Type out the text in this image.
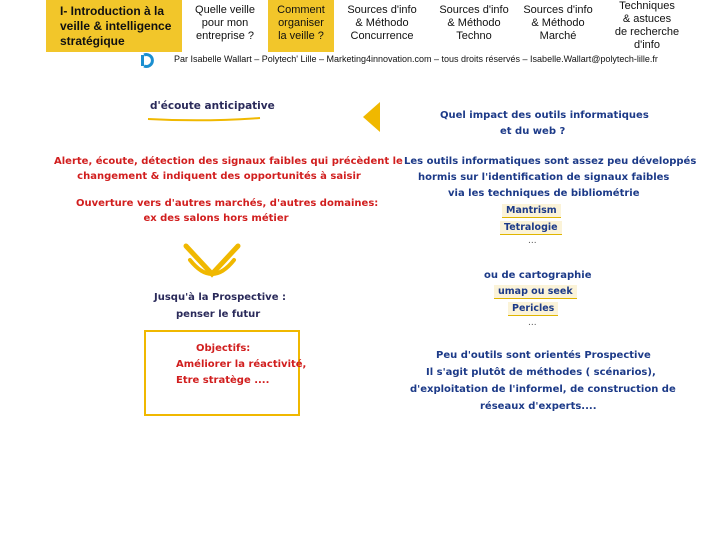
I- Introduction à la
veille & intelligence
stratégique
Quelle veille
pour mon
entreprise ?
Comment
organiser
la veille ?
Sources d'info
& Méthodo
Concurrence
Sources d'info
& Méthodo
Techno
Sources d'info
& Méthodo
Marché
Techniques
& astuces
de recherche
d'info
Par Isabelle Wallart – Polytech' Lille – Marketing4innovation.com – tous droits réservés – Isabelle.Wallart@polytech-lille.fr
d'écoute anticipative
Alerte, écoute, détection des signaux faibles qui précèdent le
changement & indiquent des opportunités à saisir
Ouverture vers d'autres marchés, d'autres domaines:
ex des salons hors métier
Jusqu'à la Prospective :
penser le futur
Objectifs:
Améliorer la réactivité,
Etre stratège ....
Quel impact des outils informatiques
et du web ?
Les outils informatiques sont assez peu développés
hormis sur l'identification de signaux faibles
via les techniques de bibliométrie
Mantrism
Tetralogie
...
ou de cartographie
umap ou seek
Pericles
...
Peu d'outils sont orientés Prospective
Il s'agit plutôt de méthodes ( scénarios),
d'exploitation de l'informel, de construction de
réseaux d'experts....
